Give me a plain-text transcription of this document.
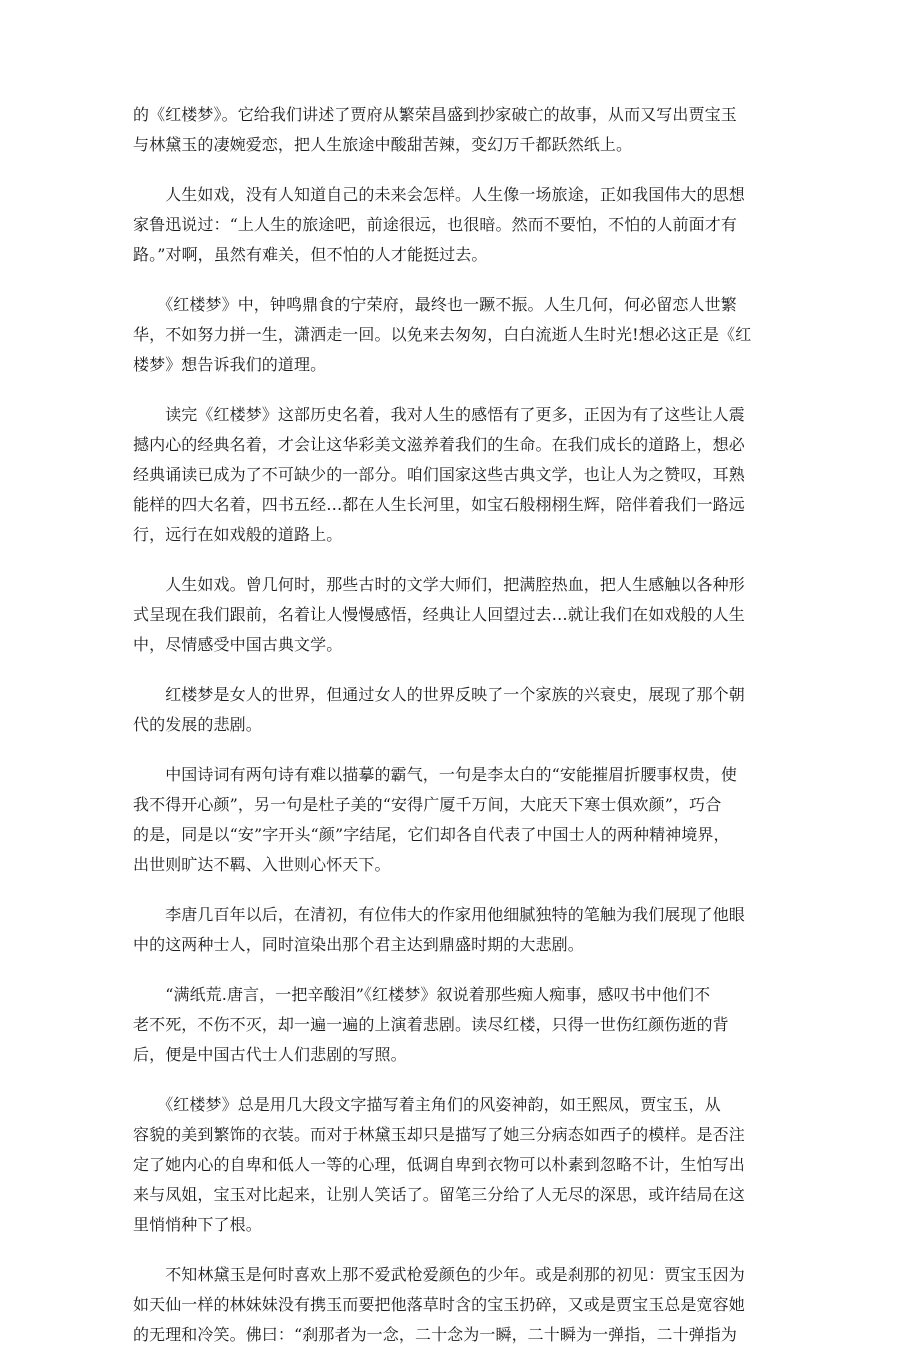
的《红楼梦》。它给我们讲述了贾府从繁荣昌盛到抄家破亡的故事，从而又写出贾宝玉
与林黛玉的凄婉爱恋，把人生旅途中酸甜苦辣，变幻万千都跃然纸上。

　　人生如戏，没有人知道自己的未来会怎样。人生像一场旅途，正如我国伟大的思想
家鲁迅说过：“上人生的旅途吧，前途很远，也很暗。然而不要怕，不怕的人前面才有
路。”对啊，虽然有难关，但不怕的人才能挺过去。

　　《红楼梦》中，钟鸣鼎食的宁荣府，最终也一蹶不振。人生几何，何必留恋人世繁
华，不如努力拼一生，潇洒走一回。以免来去匆匆，白白流逝人生时光!想必这正是《红
楼梦》想告诉我们的道理。

　　读完《红楼梦》这部历史名着，我对人生的感悟有了更多，正因为有了这些让人震
撼内心的经典名着，才会让这华彩美文滋养着我们的生命。在我们成长的道路上，想必
经典诵读已成为了不可缺少的一部分。咱们国家这些古典文学，也让人为之赞叹，耳熟
能样的四大名着，四书五经…都在人生长河里，如宝石般栩栩生辉，陪伴着我们一路远
行，远行在如戏般的道路上。

　　人生如戏。曾几何时，那些古时的文学大师们，把满腔热血，把人生感触以各种形
式呈现在我们跟前，名着让人慢慢感悟，经典让人回望过去…就让我们在如戏般的人生
中，尽情感受中国古典文学。

　　红楼梦是女人的世界，但通过女人的世界反映了一个家族的兴衰史，展现了那个朝
代的发展的悲剧。

　　中国诗词有两句诗有难以描摹的霸气，一句是李太白的“安能摧眉折腰事权贵，使
我不得开心颜”，另一句是杜子美的“安得广厦千万间，大庇天下寒士俱欢颜”，巧合
的是，同是以“安”字开头“颜”字结尾，它们却各自代表了中国士人的两种精神境界，
出世则旷达不羁、入世则心怀天下。

　　李唐几百年以后，在清初，有位伟大的作家用他细腻独特的笔触为我们展现了他眼
中的这两种士人，同时渲染出那个君主达到鼎盛时期的大悲剧。

　　“满纸荒.唐言，一把辛酸泪”《红楼梦》叙说着那些痴人痴事，感叹书中他们不
老不死，不伤不灭，却一遍一遍的上演着悲剧。读尽红楼，只得一世伤红颜伤逝的背
后，便是中国古代士人们悲剧的写照。

　　《红楼梦》总是用几大段文字描写着主角们的风姿神韵，如王熙凤，贾宝玉，从
容貌的美到繁饰的衣装。而对于林黛玉却只是描写了她三分病态如西子的模样。是否注
定了她内心的自卑和低人一等的心理，低调自卑到衣物可以朴素到忽略不计，生怕写出
来与凤姐，宝玉对比起来，让别人笑话了。留笔三分给了人无尽的深思，或许结局在这
里悄悄种下了根。

　　不知林黛玉是何时喜欢上那不爱武枪爱颜色的少年。或是刹那的初见：贾宝玉因为
如天仙一样的林妹妹没有携玉而要把他落草时含的宝玉扔碎，又或是贾宝玉总是宽容她
的无理和冷笑。佛曰：“刹那者为一念，二十念为一瞬，二十瞬为一弹指，二十弹指为
